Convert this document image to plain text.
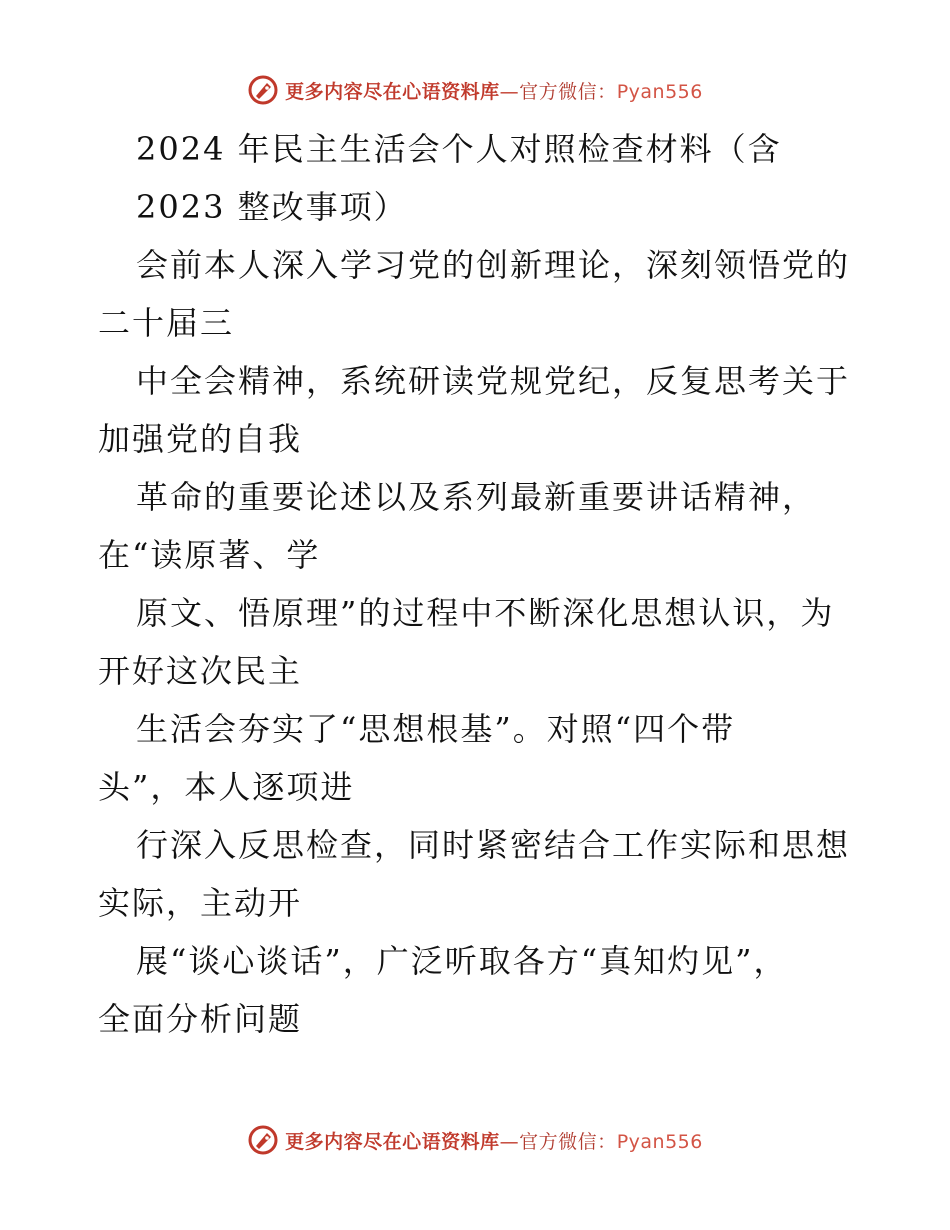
更多内容尽在心语资料库—官方微信：Pyan556
2024 年民主生活会个人对照检查材料（含
2023 整改事项）
会前本人深入学习党的创新理论，深刻领悟党的
二十届三
中全会精神，系统研读党规党纪，反复思考关于
加强党的自我
革命的重要论述以及系列最新重要讲话精神，
在“读原著、学
原文、悟原理”的过程中不断深化思想认识，为
开好这次民主
生活会夯实了“思想根基”。对照“四个带
头”，本人逐项进
行深入反思检查，同时紧密结合工作实际和思想
实际，主动开
展“谈心谈话”，广泛听取各方“真知灼见”，
全面分析问题
更多内容尽在心语资料库—官方微信：Pyan556
